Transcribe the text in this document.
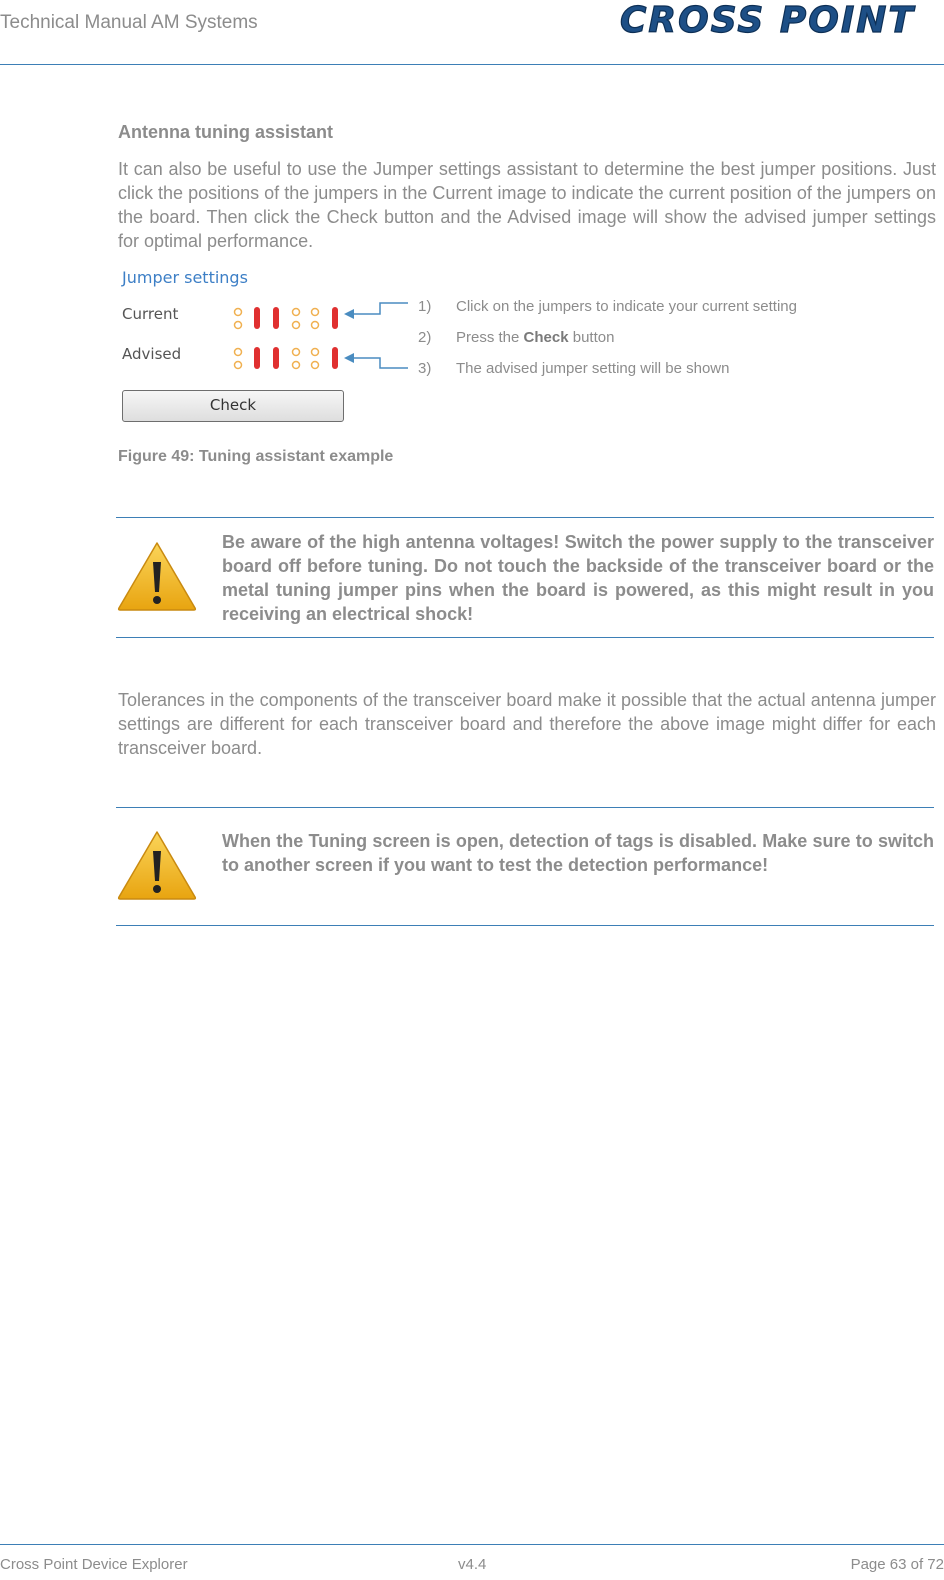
Technical Manual AM Systems	CROSS POINT
Antenna tuning assistant
It can also be useful to use the Jumper settings assistant to determine the best jumper positions. Just click the positions of the jumpers in the Current image to indicate the current position of the jumpers on the board. Then click the Check button and the Advised image will show the advised jumper settings for optimal performance.
Jumper settings
Current
Advised
Check
1) Click on the jumpers to indicate your current setting
2) Press the Check button
3) The advised jumper setting will be shown
Figure 49: Tuning assistant example
Be aware of the high antenna voltages! Switch the power supply to the transceiver board off before tuning. Do not touch the backside of the transceiver board or the metal tuning jumper pins when the board is powered, as this might result in you receiving an electrical shock!
Tolerances in the components of the transceiver board make it possible that the actual antenna jumper settings are different for each transceiver board and therefore the above image might differ for each transceiver board.
When the Tuning screen is open, detection of tags is disabled. Make sure to switch to another screen if you want to test the detection performance!
Cross Point Device Explorer	v4.4	Page 63 of 72
